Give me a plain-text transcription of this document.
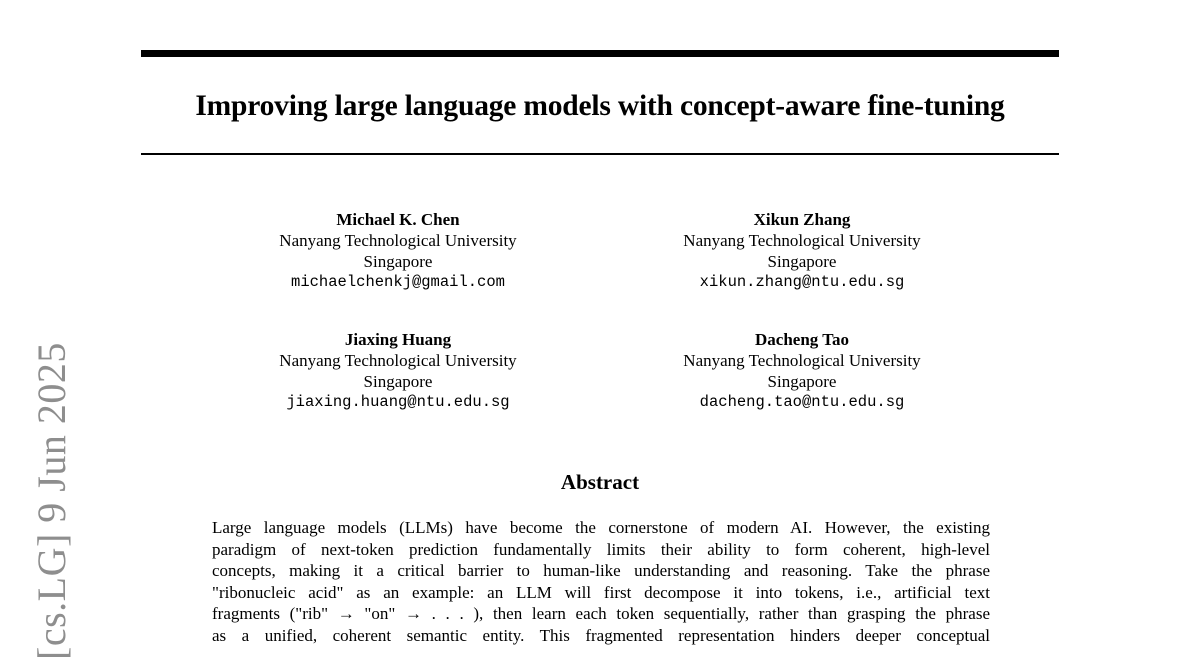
Improving large language models with concept-aware fine-tuning
Michael K. Chen
Nanyang Technological University
Singapore
michaelchenkj@gmail.com
Xikun Zhang
Nanyang Technological University
Singapore
xikun.zhang@ntu.edu.sg
Jiaxing Huang
Nanyang Technological University
Singapore
jiaxing.huang@ntu.edu.sg
Dacheng Tao
Nanyang Technological University
Singapore
dacheng.tao@ntu.edu.sg
Abstract
Large language models (LLMs) have become the cornerstone of modern AI. However, the existing
paradigm of next-token prediction fundamentally limits their ability to form coherent, high-level
concepts, making it a critical barrier to human-like understanding and reasoning. Take the phrase
"ribonucleic acid" as an example: an LLM will first decompose it into tokens, i.e., artificial text
fragments ("rib" → "on" → . . . ), then learn each token sequentially, rather than grasping the phrase
as a unified, coherent semantic entity. This fragmented representation hinders deeper conceptual
[cs.LG] 9 Jun 2025
